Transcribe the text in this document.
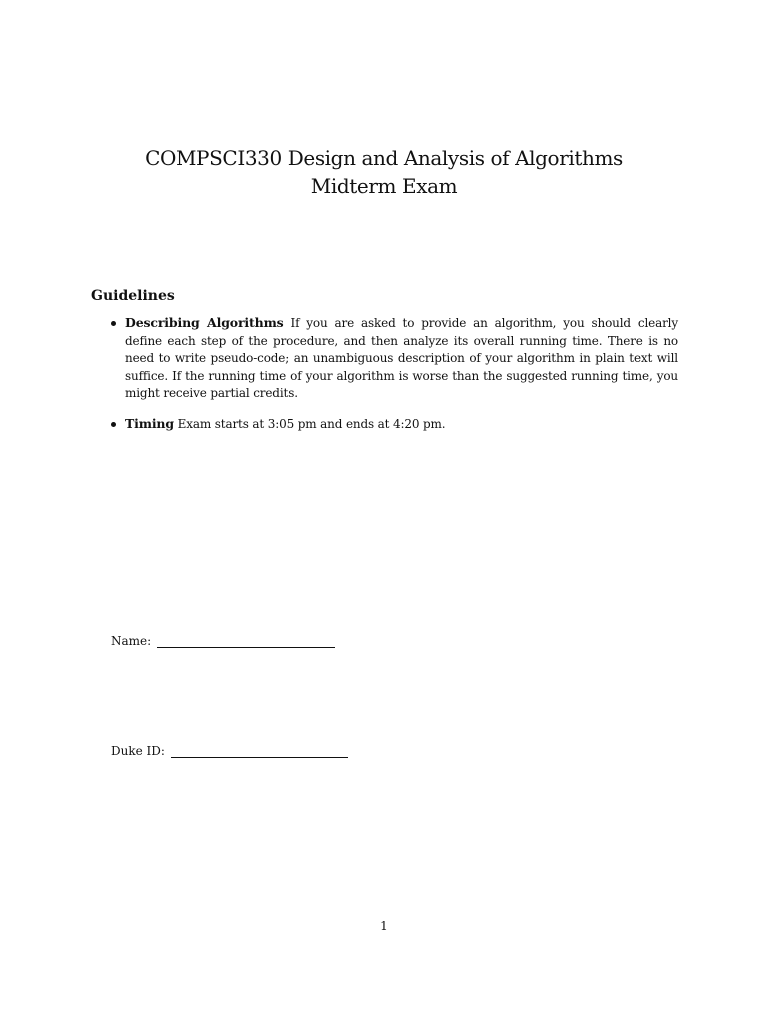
COMPSCI330 Design and Analysis of Algorithms
Midterm Exam
Guidelines
Describing Algorithms If you are asked to provide an algorithm, you should clearly define each step of the procedure, and then analyze its overall running time. There is no need to write pseudo-code; an unambiguous description of your algorithm in plain text will suffice. If the running time of your algorithm is worse than the suggested running time, you might receive partial credits.
Timing Exam starts at 3:05 pm and ends at 4:20 pm.
Name:
Duke ID:
1
